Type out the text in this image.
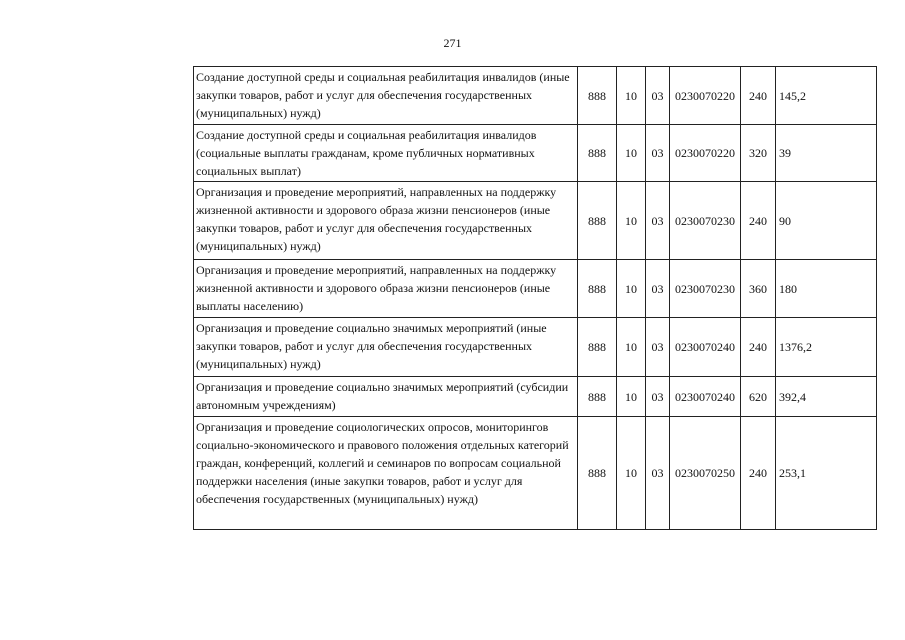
271
Создание доступной среды и социальная реабилитация инвалидов (иные закупки товаров, работ и услуг для обеспечения государственных (муниципальных) нужд)	888	10	03	0230070220	240	145,2
Создание доступной среды и социальная реабилитация инвалидов (социальные выплаты гражданам, кроме публичных нормативных социальных выплат)	888	10	03	0230070220	320	39
Организация и проведение мероприятий, направленных на поддержку жизненной активности и здорового образа жизни пенсионеров (иные закупки товаров, работ и услуг для обеспечения государственных (муниципальных) нужд)	888	10	03	0230070230	240	90
Организация и проведение мероприятий, направленных на поддержку жизненной активности и здорового образа жизни пенсионеров (иные выплаты населению)	888	10	03	0230070230	360	180
Организация и проведение социально значимых мероприятий (иные закупки товаров, работ и услуг для обеспечения государственных (муниципальных) нужд)	888	10	03	0230070240	240	1376,2
Организация и проведение социально значимых мероприятий (субсидии автономным учреждениям)	888	10	03	0230070240	620	392,4
Организация и проведение социологических опросов, мониторингов социально-экономического и правового положения отдельных категорий граждан, конференций, коллегий и семинаров по вопросам социальной поддержки населения (иные закупки товаров, работ и услуг для обеспечения государственных (муниципальных) нужд)	888	10	03	0230070250	240	253,1
